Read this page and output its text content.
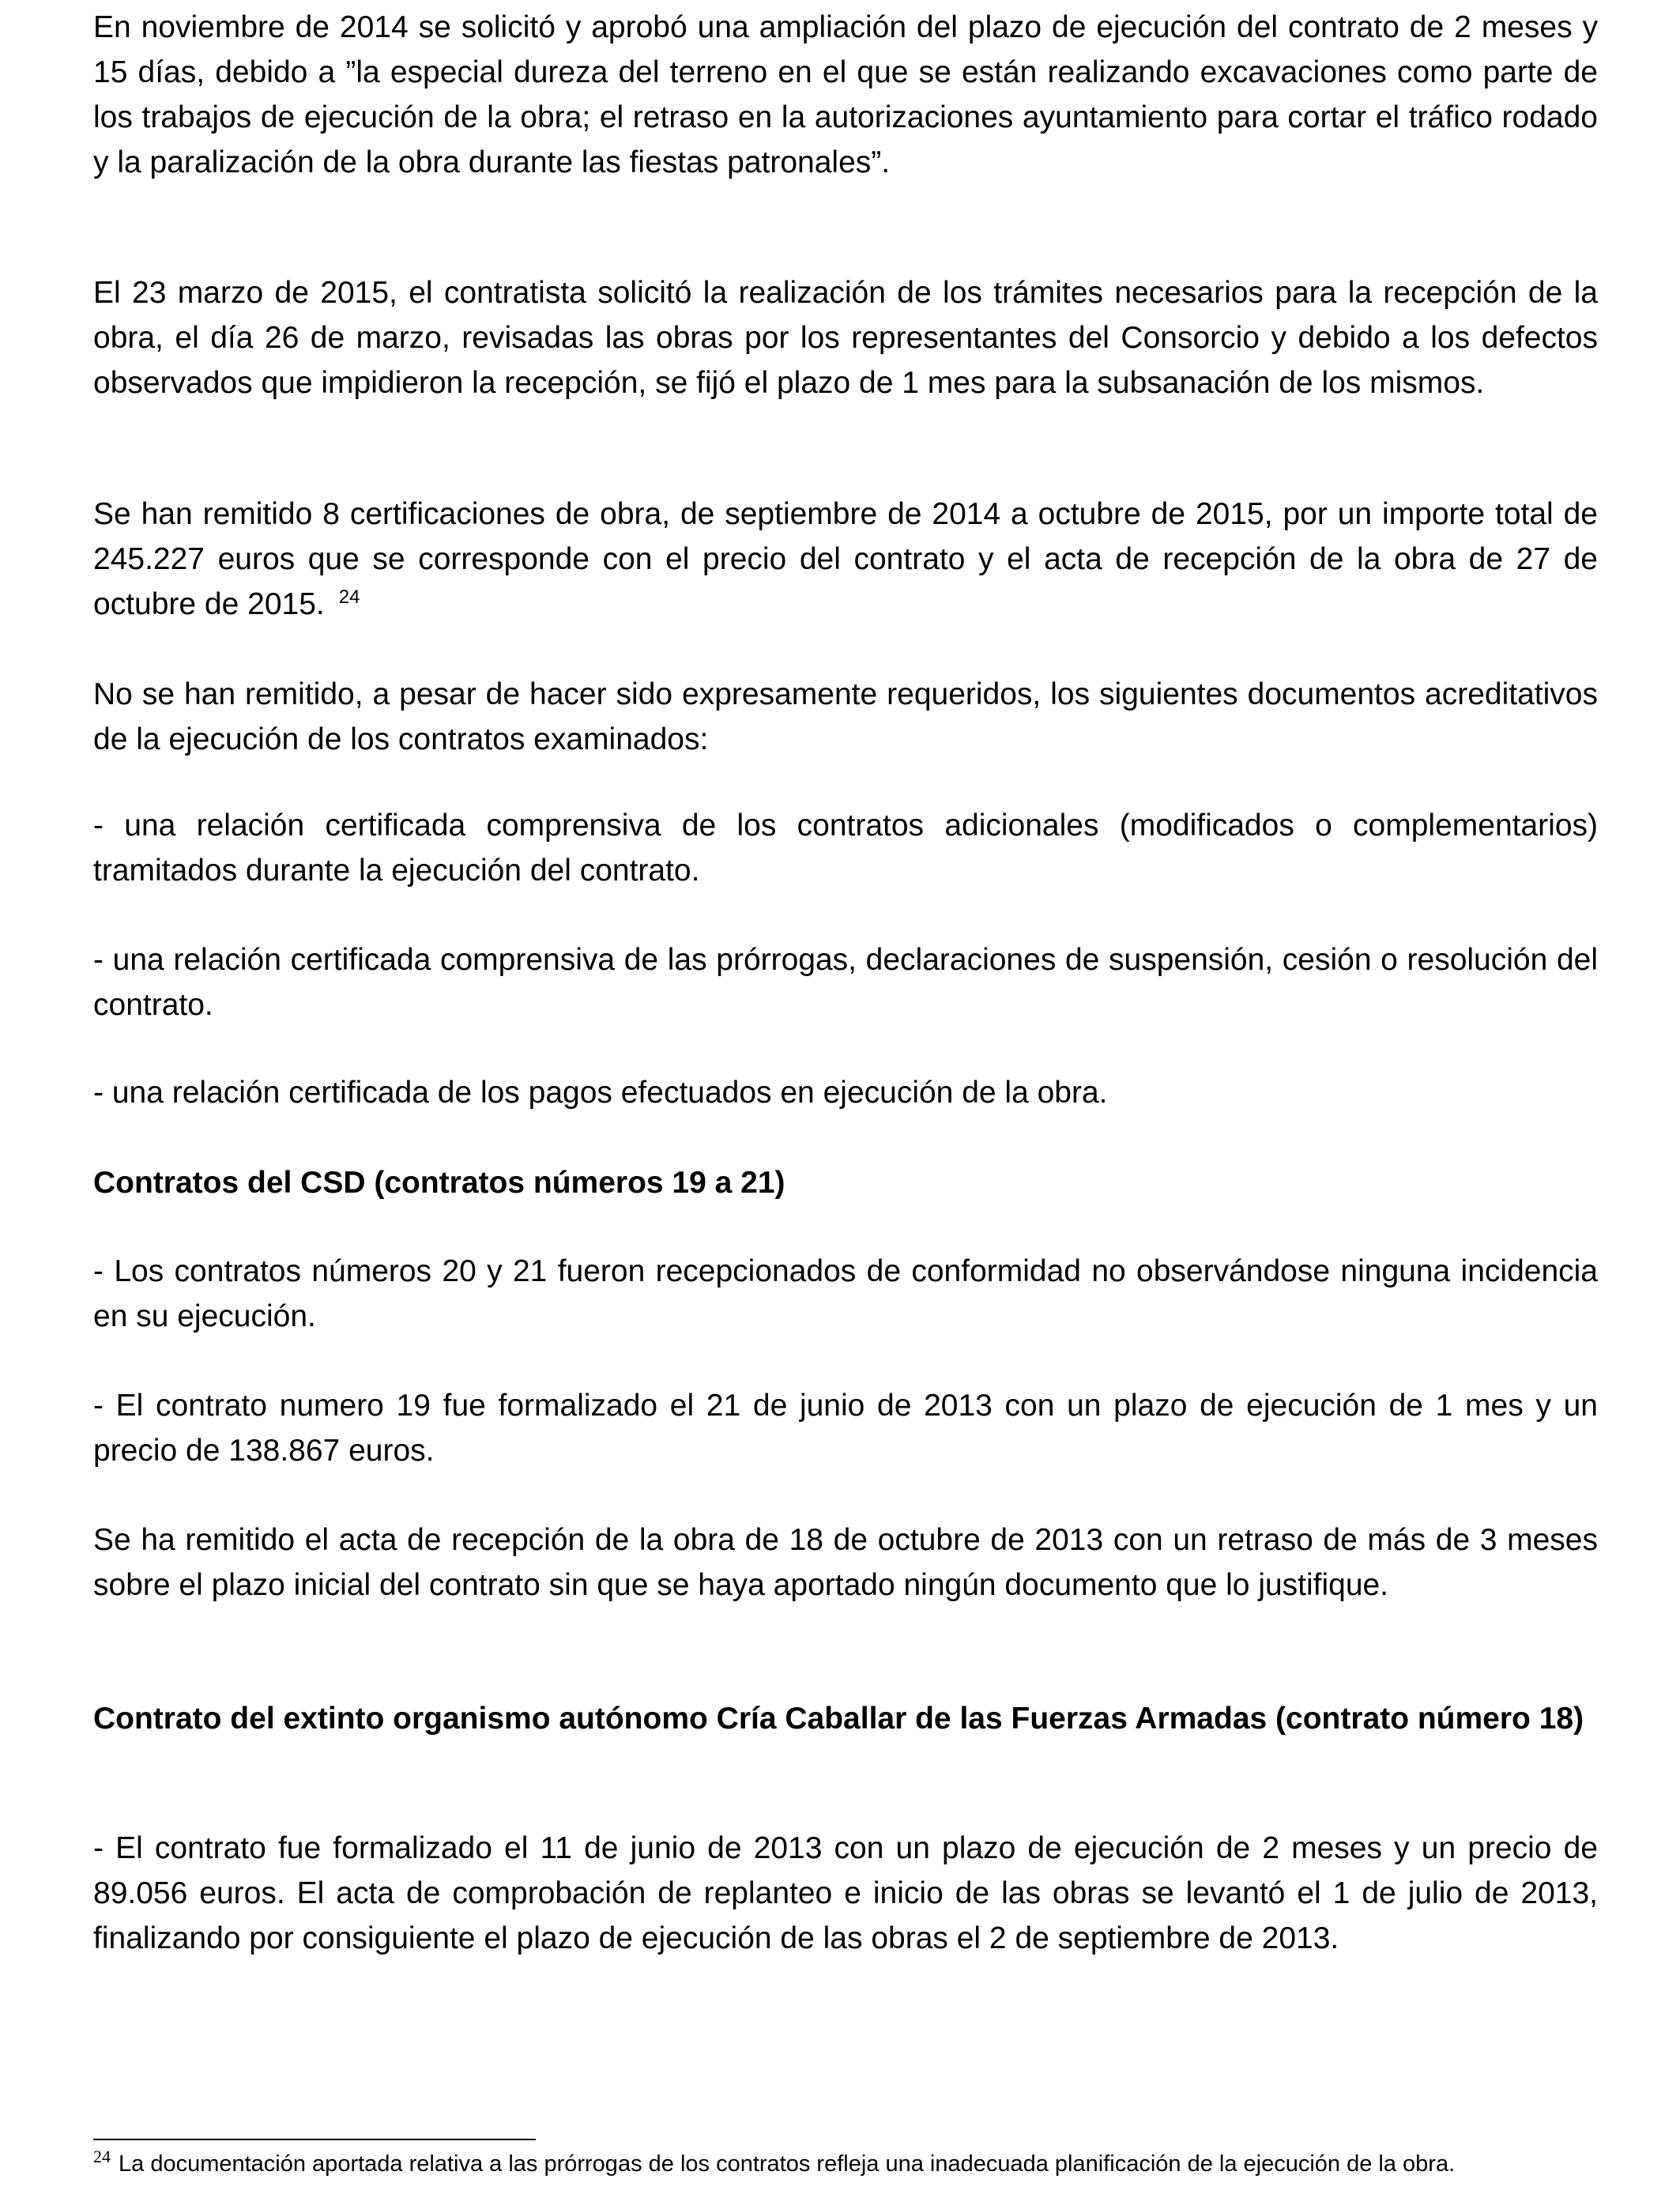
En noviembre de 2014 se solicitó y aprobó una ampliación del plazo de ejecución del contrato de 2 meses y 15 días, debido a ”la especial dureza del terreno en el que se están realizando excavaciones como parte de los trabajos de ejecución de la obra; el retraso en la autorizaciones ayuntamiento para cortar el tráfico rodado y la paralización de la obra durante las fiestas patronales”.

El 23 marzo de 2015, el contratista solicitó la realización de los trámites necesarios para la recepción de la obra, el día 26 de marzo, revisadas las obras por los representantes del Consorcio y debido a los defectos observados que impidieron la recepción, se fijó el plazo de 1 mes para la subsanación de los mismos.

Se han remitido 8 certificaciones de obra, de septiembre de 2014 a octubre de 2015, por un importe total de 245.227 euros que se corresponde con el precio del contrato y el acta de recepción de la obra de 27 de octubre de 2015. $^{24}$

No se han remitido, a pesar de hacer sido expresamente requeridos, los siguientes documentos acreditativos de la ejecución de los contratos examinados:

- una relación certificada comprensiva de los contratos adicionales (modificados o complementarios) tramitados durante la ejecución del contrato.

- una relación certificada comprensiva de las prórrogas, declaraciones de suspensión, cesión o resolución del contrato.

- una relación certificada de los pagos efectuados en ejecución de la obra.

Contratos del CSD (contratos números 19 a 21)

- Los contratos números 20 y 21 fueron recepcionados de conformidad no observándose ninguna incidencia en su ejecución.

- El contrato numero 19 fue formalizado el 21 de junio de 2013 con un plazo de ejecución de 1 mes y un precio de 138.867 euros.

Se ha remitido el acta de recepción de la obra de 18 de octubre de 2013 con un retraso de más de 3 meses sobre el plazo inicial del contrato sin que se haya aportado ningún documento que lo justifique.

Contrato del extinto organismo autónomo Cría Caballar de las Fuerzas Armadas (contrato número 18)

- El contrato fue formalizado el 11 de junio de 2013 con un plazo de ejecución de 2 meses y un precio de 89.056 euros. El acta de comprobación de replanteo e inicio de las obras se levantó el 1 de julio de 2013, finalizando por consiguiente el plazo de ejecución de las obras el 2 de septiembre de 2013.

$^{24}$ La documentación aportada relativa a las prórrogas de los contratos refleja una inadecuada planificación de la ejecución de la obra.
